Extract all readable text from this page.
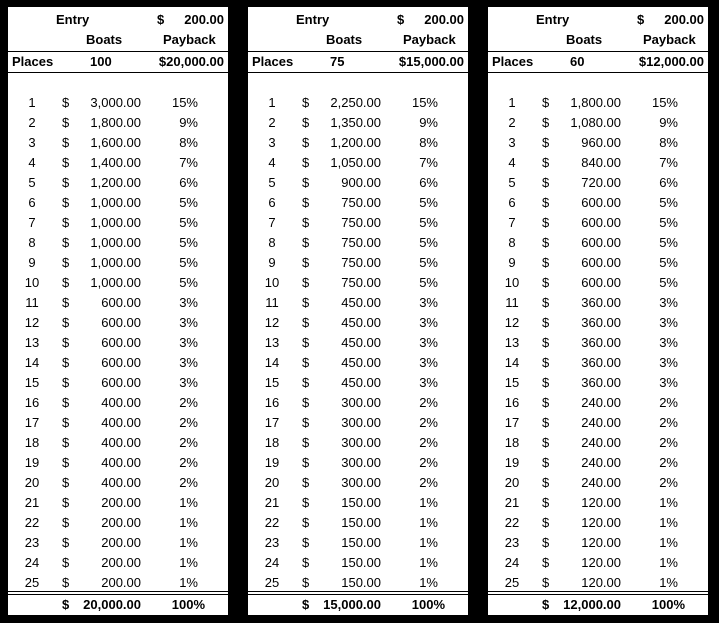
Entry	$ 200.00
Boats	Payback
Places	100	$20,000.00
1	$ 3,000.00 15%
2	$ 1,800.00	9%
3	$ 1,600.00	8%
4	$ 1,400.00	7%
5	$ 1,200.00	6%
6	$ 1,000.00	5%
7	$ 1,000.00	5%
8	$ 1,000.00	5%
9	$ 1,000.00	5%
10	$ 1,000.00	5%
11	$ 600.00	3%
12	$ 600.00	3%
13	$ 600.00	3%
14	$ 600.00	3%
15	$ 600.00	3%
16	$ 400.00	2%
17	$ 400.00	2%
18	$ 400.00	2%
19	$ 400.00	2%
20	$ 400.00	2%
21	$ 200.00	1%
22	$ 200.00	1%
23	$ 200.00	1%
24	$ 200.00	1%
25	$ 200.00	1%
$ 20,000.00 100%
Entry	$ 200.00
Boats	Payback
Places	75	$15,000.00
1	$ 2,250.00 15%
2	$ 1,350.00	9%
3	$ 1,200.00	8%
4	$ 1,050.00	7%
5	$ 900.00	6%
6	$ 750.00	5%
7	$ 750.00	5%
8	$ 750.00	5%
9	$ 750.00	5%
10	$ 750.00	5%
11	$ 450.00	3%
12	$ 450.00	3%
13	$ 450.00	3%
14	$ 450.00	3%
15	$ 450.00	3%
16	$ 300.00	2%
17	$ 300.00	2%
18	$ 300.00	2%
19	$ 300.00	2%
20	$ 300.00	2%
21	$ 150.00	1%
22	$ 150.00	1%
23	$ 150.00	1%
24	$ 150.00	1%
25	$ 150.00	1%
$ 15,000.00 100%
Entry	$ 200.00
Boats	Payback
Places	60	$12,000.00
1	$ 1,800.00 15%
2	$ 1,080.00	9%
3	$ 960.00	8%
4	$ 840.00	7%
5	$ 720.00	6%
6	$ 600.00	5%
7	$ 600.00	5%
8	$ 600.00	5%
9	$ 600.00	5%
10	$ 600.00	5%
11	$ 360.00	3%
12	$ 360.00	3%
13	$ 360.00	3%
14	$ 360.00	3%
15	$ 360.00	3%
16	$ 240.00	2%
17	$ 240.00	2%
18	$ 240.00	2%
19	$ 240.00	2%
20	$ 240.00	2%
21	$ 120.00	1%
22	$ 120.00	1%
23	$ 120.00	1%
24	$ 120.00	1%
25	$ 120.00	1%
$ 12,000.00 100%
